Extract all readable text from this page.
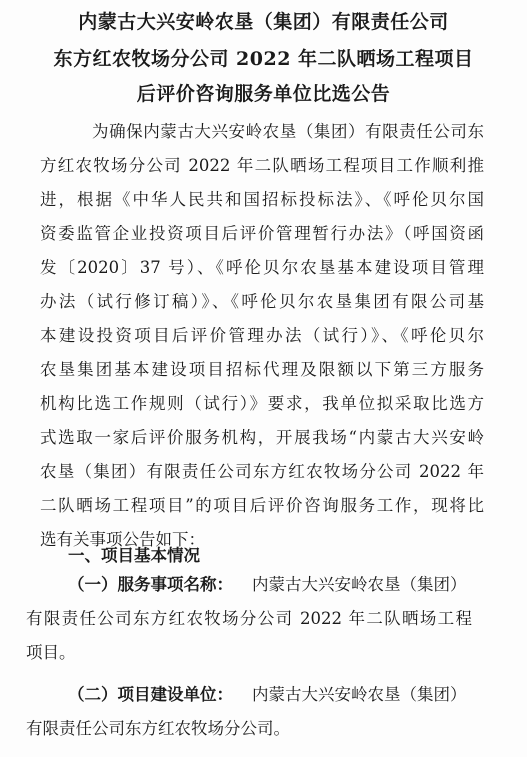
内蒙古大兴安岭农垦（集团）有限责任公司
东方红农牧场分公司 2022 年二队晒场工程项目
后评价咨询服务单位比选公告
为确保内蒙古大兴安岭农垦（集团）有限责任公司东
方红农牧场分公司 2022 年二队晒场工程项目工作顺利推
进，根据《中华人民共和国招标投标法》、《呼伦贝尔国
资委监管企业投资项目后评价管理暂行办法》（呼国资函
发〔2020〕37 号）、《呼伦贝尔农垦基本建设项目管理
办法（试行修订稿）》、《呼伦贝尔农垦集团有限公司基
本建设投资项目后评价管理办法（试行）》、《呼伦贝尔
农垦集团基本建设项目招标代理及限额以下第三方服务
机构比选工作规则（试行）》要求，我单位拟采取比选方
式选取一家后评价服务机构，开展我场“内蒙古大兴安岭
农垦（集团）有限责任公司东方红农牧场分公司 2022 年
二队晒场工程项目”的项目后评价咨询服务工作，现将比
选有关事项公告如下：
一、项目基本情况
（一）服务事项名称： 内蒙古大兴安岭农垦（集团）
有限责任公司东方红农牧场分公司 2022 年二队晒场工程
项目。
（二）项目建设单位： 内蒙古大兴安岭农垦（集团）
有限责任公司东方红农牧场分公司。
